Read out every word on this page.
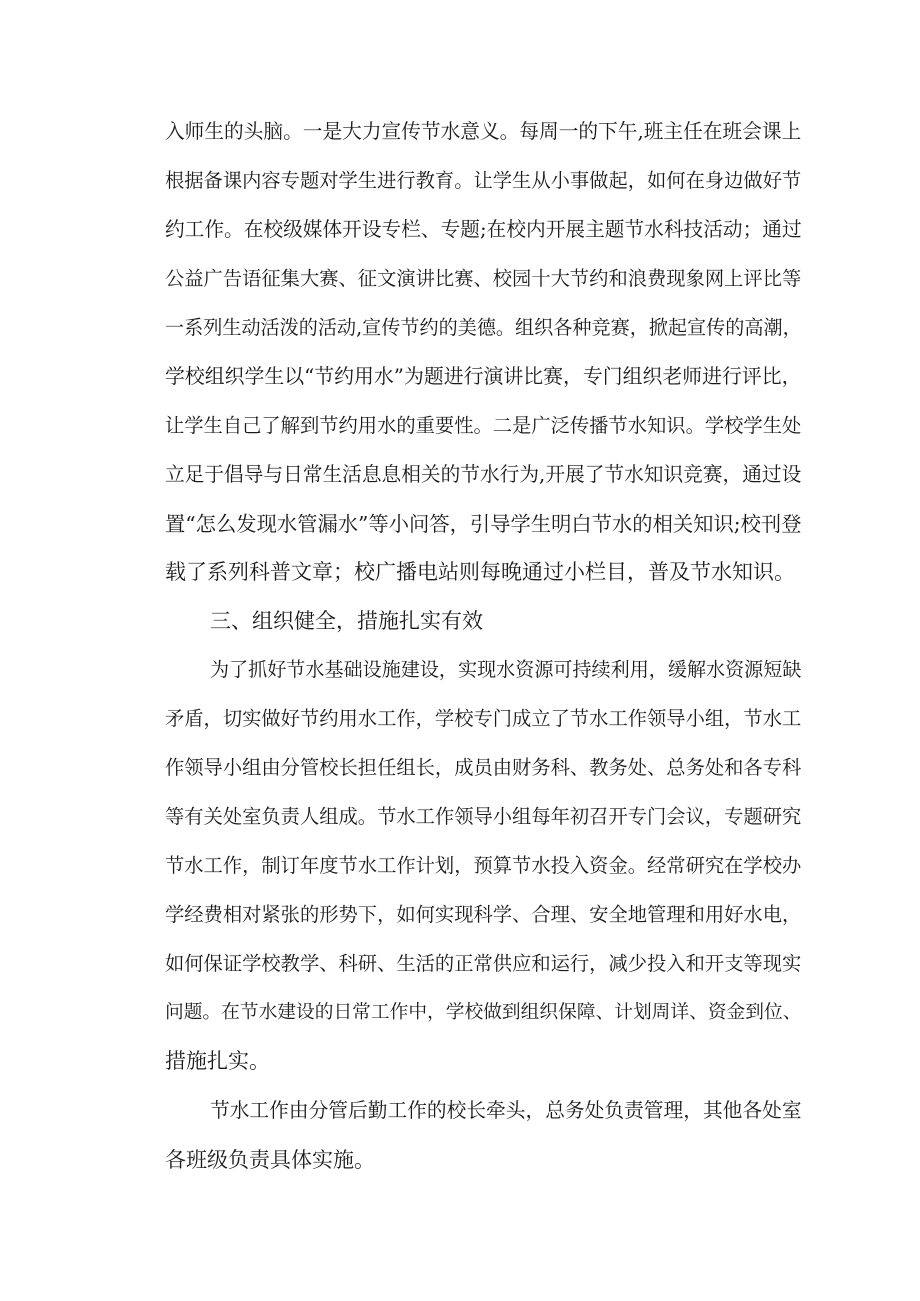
入师生的头脑。一是大力宣传节水意义。每周一的下午,班主任在班会课上

根据备课内容专题对学生进行教育。让学生从小事做起，如何在身边做好节

约工作。在校级媒体开设专栏、专题;在校内开展主题节水科技活动；通过

公益广告语征集大赛、征文演讲比赛、校园十大节约和浪费现象网上评比等

一系列生动活泼的活动,宣传节约的美德。组织各种竞赛，掀起宣传的高潮，

学校组织学生以“节约用水”为题进行演讲比赛，专门组织老师进行评比，

让学生自己了解到节约用水的重要性。二是广泛传播节水知识。学校学生处

立足于倡导与日常生活息息相关的节水行为,开展了节水知识竞赛，通过设

置“怎么发现水管漏水”等小问答，引导学生明白节水的相关知识;校刊登

载了系列科普文章；校广播电站则每晚通过小栏目，普及节水知识。

三、组织健全，措施扎实有效

为了抓好节水基础设施建设，实现水资源可持续利用，缓解水资源短缺

矛盾，切实做好节约用水工作，学校专门成立了节水工作领导小组，节水工

作领导小组由分管校长担任组长，成员由财务科、教务处、总务处和各专科

等有关处室负责人组成。节水工作领导小组每年初召开专门会议，专题研究

节水工作，制订年度节水工作计划，预算节水投入资金。经常研究在学校办

学经费相对紧张的形势下，如何实现科学、合理、安全地管理和用好水电，

如何保证学校教学、科研、生活的正常供应和运行，减少投入和开支等现实

问题。在节水建设的日常工作中，学校做到组织保障、计划周详、资金到位、

措施扎实。

节水工作由分管后勤工作的校长牵头，总务处负责管理，其他各处室

各班级负责具体实施。
